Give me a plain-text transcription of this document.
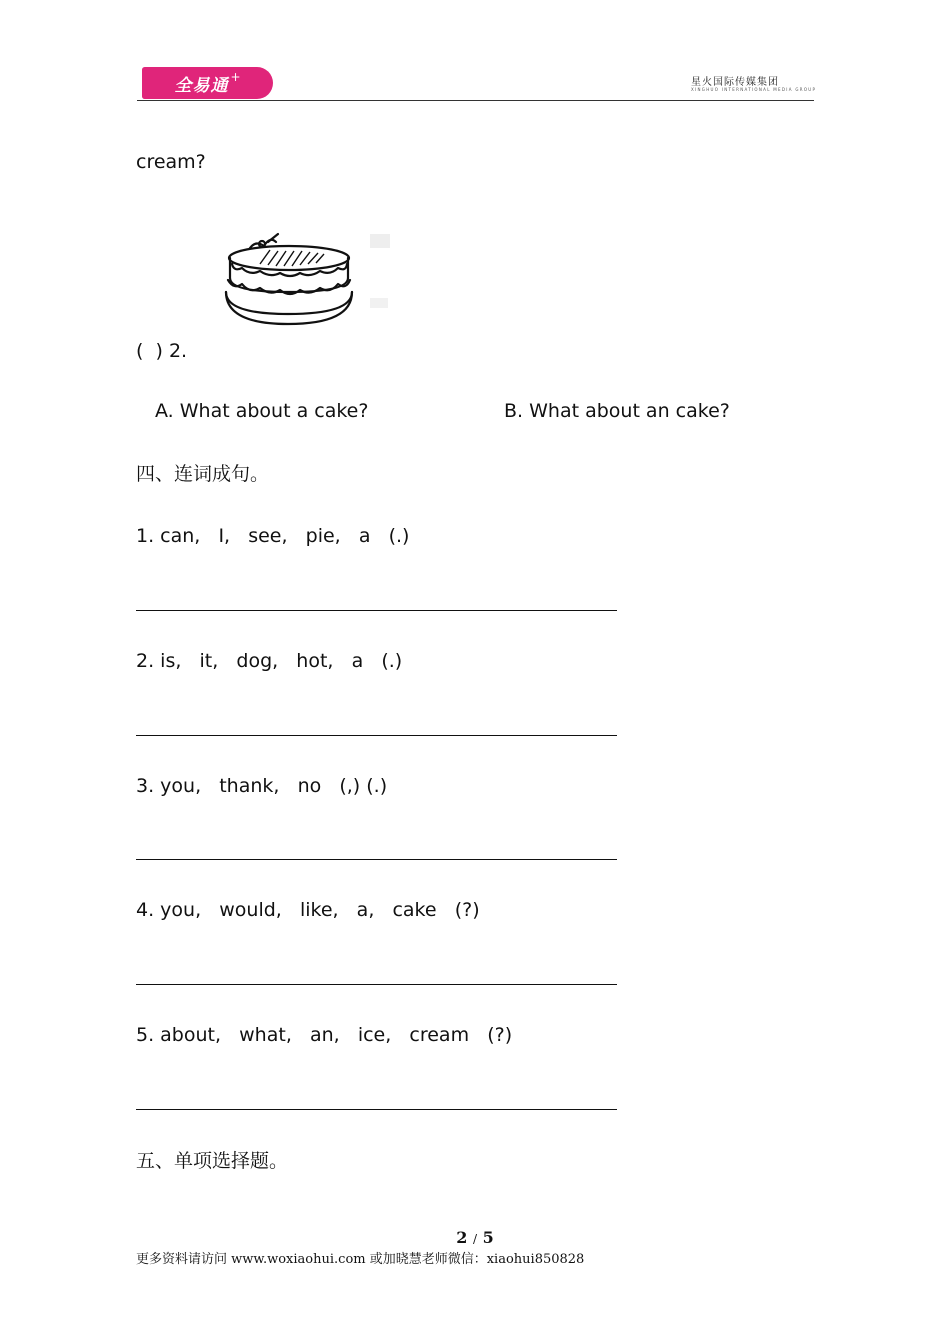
全易通 +	星火国际传媒集团
XINGHUO INTERNATIONAL MEDIA GROUP
cream?
(  ) 2.
A. What about a cake?	B. What about an cake?
四、连词成句。
1. can,   I,   see,   pie,   a   (.)
2. is,   it,   dog,   hot,   a   (.)
3. you,   thank,   no   (,) (.)
4. you,   would,   like,   a,   cake   (?)
5. about,   what,   an,   ice,   cream   (?)
五、单项选择题。
2 / 5
更多资料请访问 www.woxiaohui.com 或加晓慧老师微信：xiaohui850828
